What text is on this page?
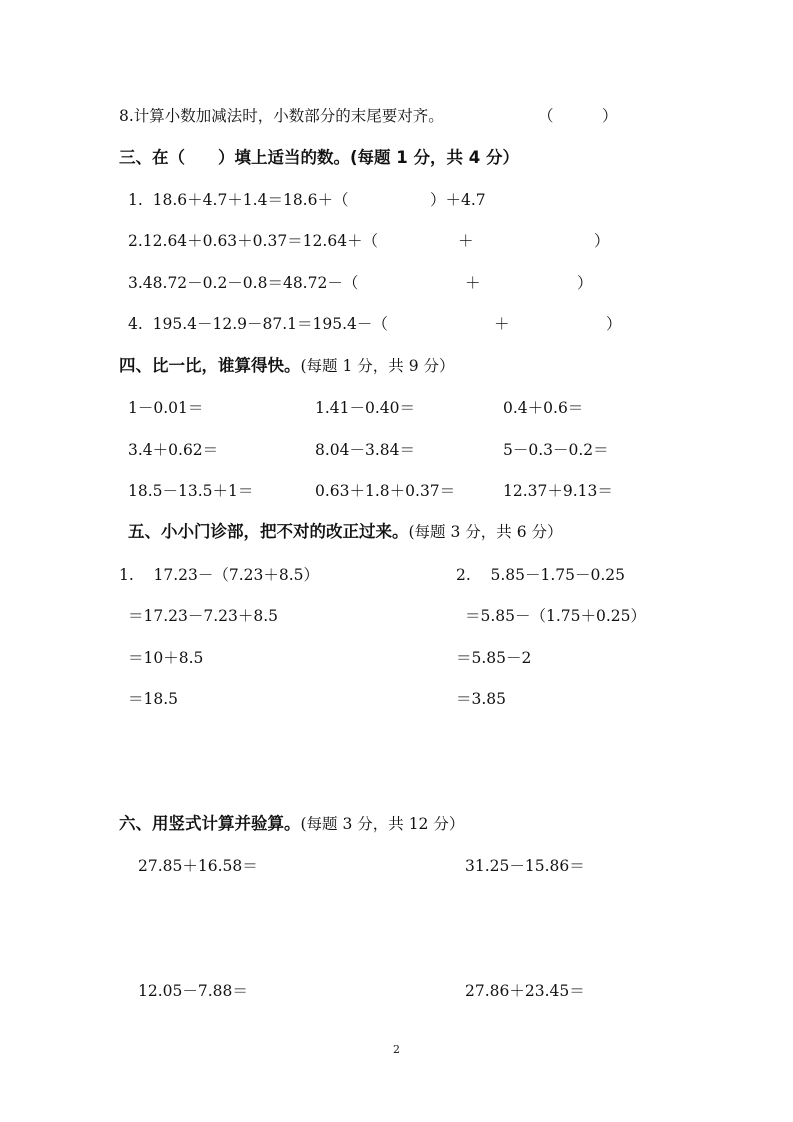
8.计算小数加减法时，小数部分的末尾要对齐。	（	）
三、在（　　）填上适当的数。(每题 1 分，共 4 分）
1.  18.6＋4.7＋1.4＝18.6＋（	）＋4.7
2.12.64＋0.63＋0.37＝12.64＋（	＋	）
3.48.72－0.2－0.8＝48.72－（	＋	）
4.  195.4－12.9－87.1＝195.4－（	＋	）
四、比一比，谁算得快。(每题 1 分，共 9 分）
1－0.01＝	1.41－0.40＝	0.4＋0.6＝
3.4＋0.62＝	8.04－3.84＝	5－0.3－0.2＝
18.5－13.5＋1＝	0.63＋1.8＋0.37＝	12.37＋9.13＝
五、小小门诊部，把不对的改正过来。(每题 3 分，共 6 分）
1.    17.23－（7.23＋8.5）
＝17.23－7.23＋8.5
＝10＋8.5
＝18.5
2.    5.85－1.75－0.25
＝5.85－（1.75＋0.25）
＝5.85－2
＝3.85
六、用竖式计算并验算。(每题 3 分，共 12 分）
27.85＋16.58＝	31.25－15.86＝
12.05－7.88＝	27.86＋23.45＝
2
